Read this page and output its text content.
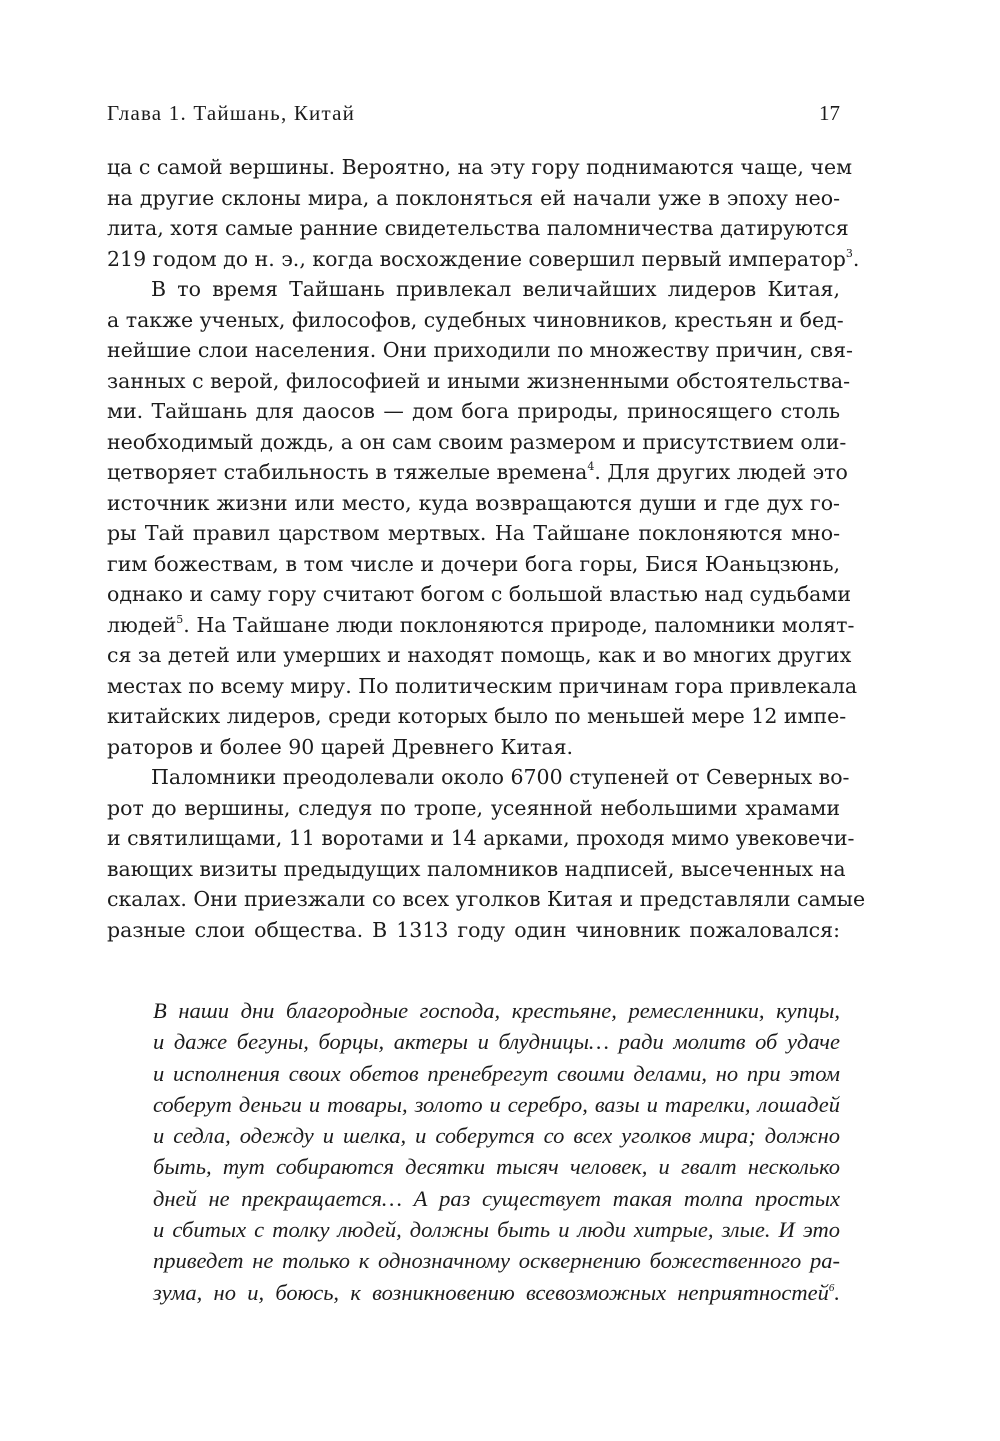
Глава 1. Тайшань, Китай	17
ца с самой вершины. Вероятно, на эту гору поднимаются чаще, чем
на другие склоны мира, а поклоняться ей начали уже в эпоху нео-
лита, хотя самые ранние свидетельства паломничества датируются
219 годом до н. э., когда восхождение совершил первый император$^3$.
В то время Тайшань привлекал величайших лидеров Китая,
а также ученых, философов, судебных чиновников, крестьян и бед-
нейшие слои населения. Они приходили по множеству причин, свя-
занных с верой, философией и иными жизненными обстоятельства-
ми. Тайшань для даосов — дом бога природы, приносящего столь
необходимый дождь, а он сам своим размером и присутствием оли-
цетворяет стабильность в тяжелые времена$^4$. Для других людей это
источник жизни или место, куда возвращаются души и где дух го-
ры Тай правил царством мертвых. На Тайшане поклоняются мно-
гим божествам, в том числе и дочери бога горы, Бися Юаньцзюнь,
однако и саму гору считают богом с большой властью над судьбами
людей$^5$. На Тайшане люди поклоняются природе, паломники молят-
ся за детей или умерших и находят помощь, как и во многих других
местах по всему миру. По политическим причинам гора привлекала
китайских лидеров, среди которых было по меньшей мере 12 импе-
раторов и более 90 царей Древнего Китая.
Паломники преодолевали около 6700 ступеней от Северных во-
рот до вершины, следуя по тропе, усеянной небольшими храмами
и святилищами, 11 воротами и 14 арками, проходя мимо увековечи-
вающих визиты предыдущих паломников надписей, высеченных на
скалах. Они приезжали со всех уголков Китая и представляли самые
разные слои общества. В 1313 году один чиновник пожаловался:
В наши дни благородные господа, крестьяне, ремесленники, купцы,
и даже бегуны, борцы, актеры и блудницы… ради молитв об удаче
и исполнения своих обетов пренебрегут своими делами, но при этом
соберут деньги и товары, золото и серебро, вазы и тарелки, лошадей
и седла, одежду и шелка, и соберутся со всех уголков мира; должно
быть, тут собираются десятки тысяч человек, и гвалт несколько
дней не прекращается… А раз существует такая толпа простых
и сбитых с толку людей, должны быть и люди хитрые, злые. И это
приведет не только к однозначному осквернению божественного ра-
зума, но и, боюсь, к возникновению всевозможных неприятностей$^6$.
